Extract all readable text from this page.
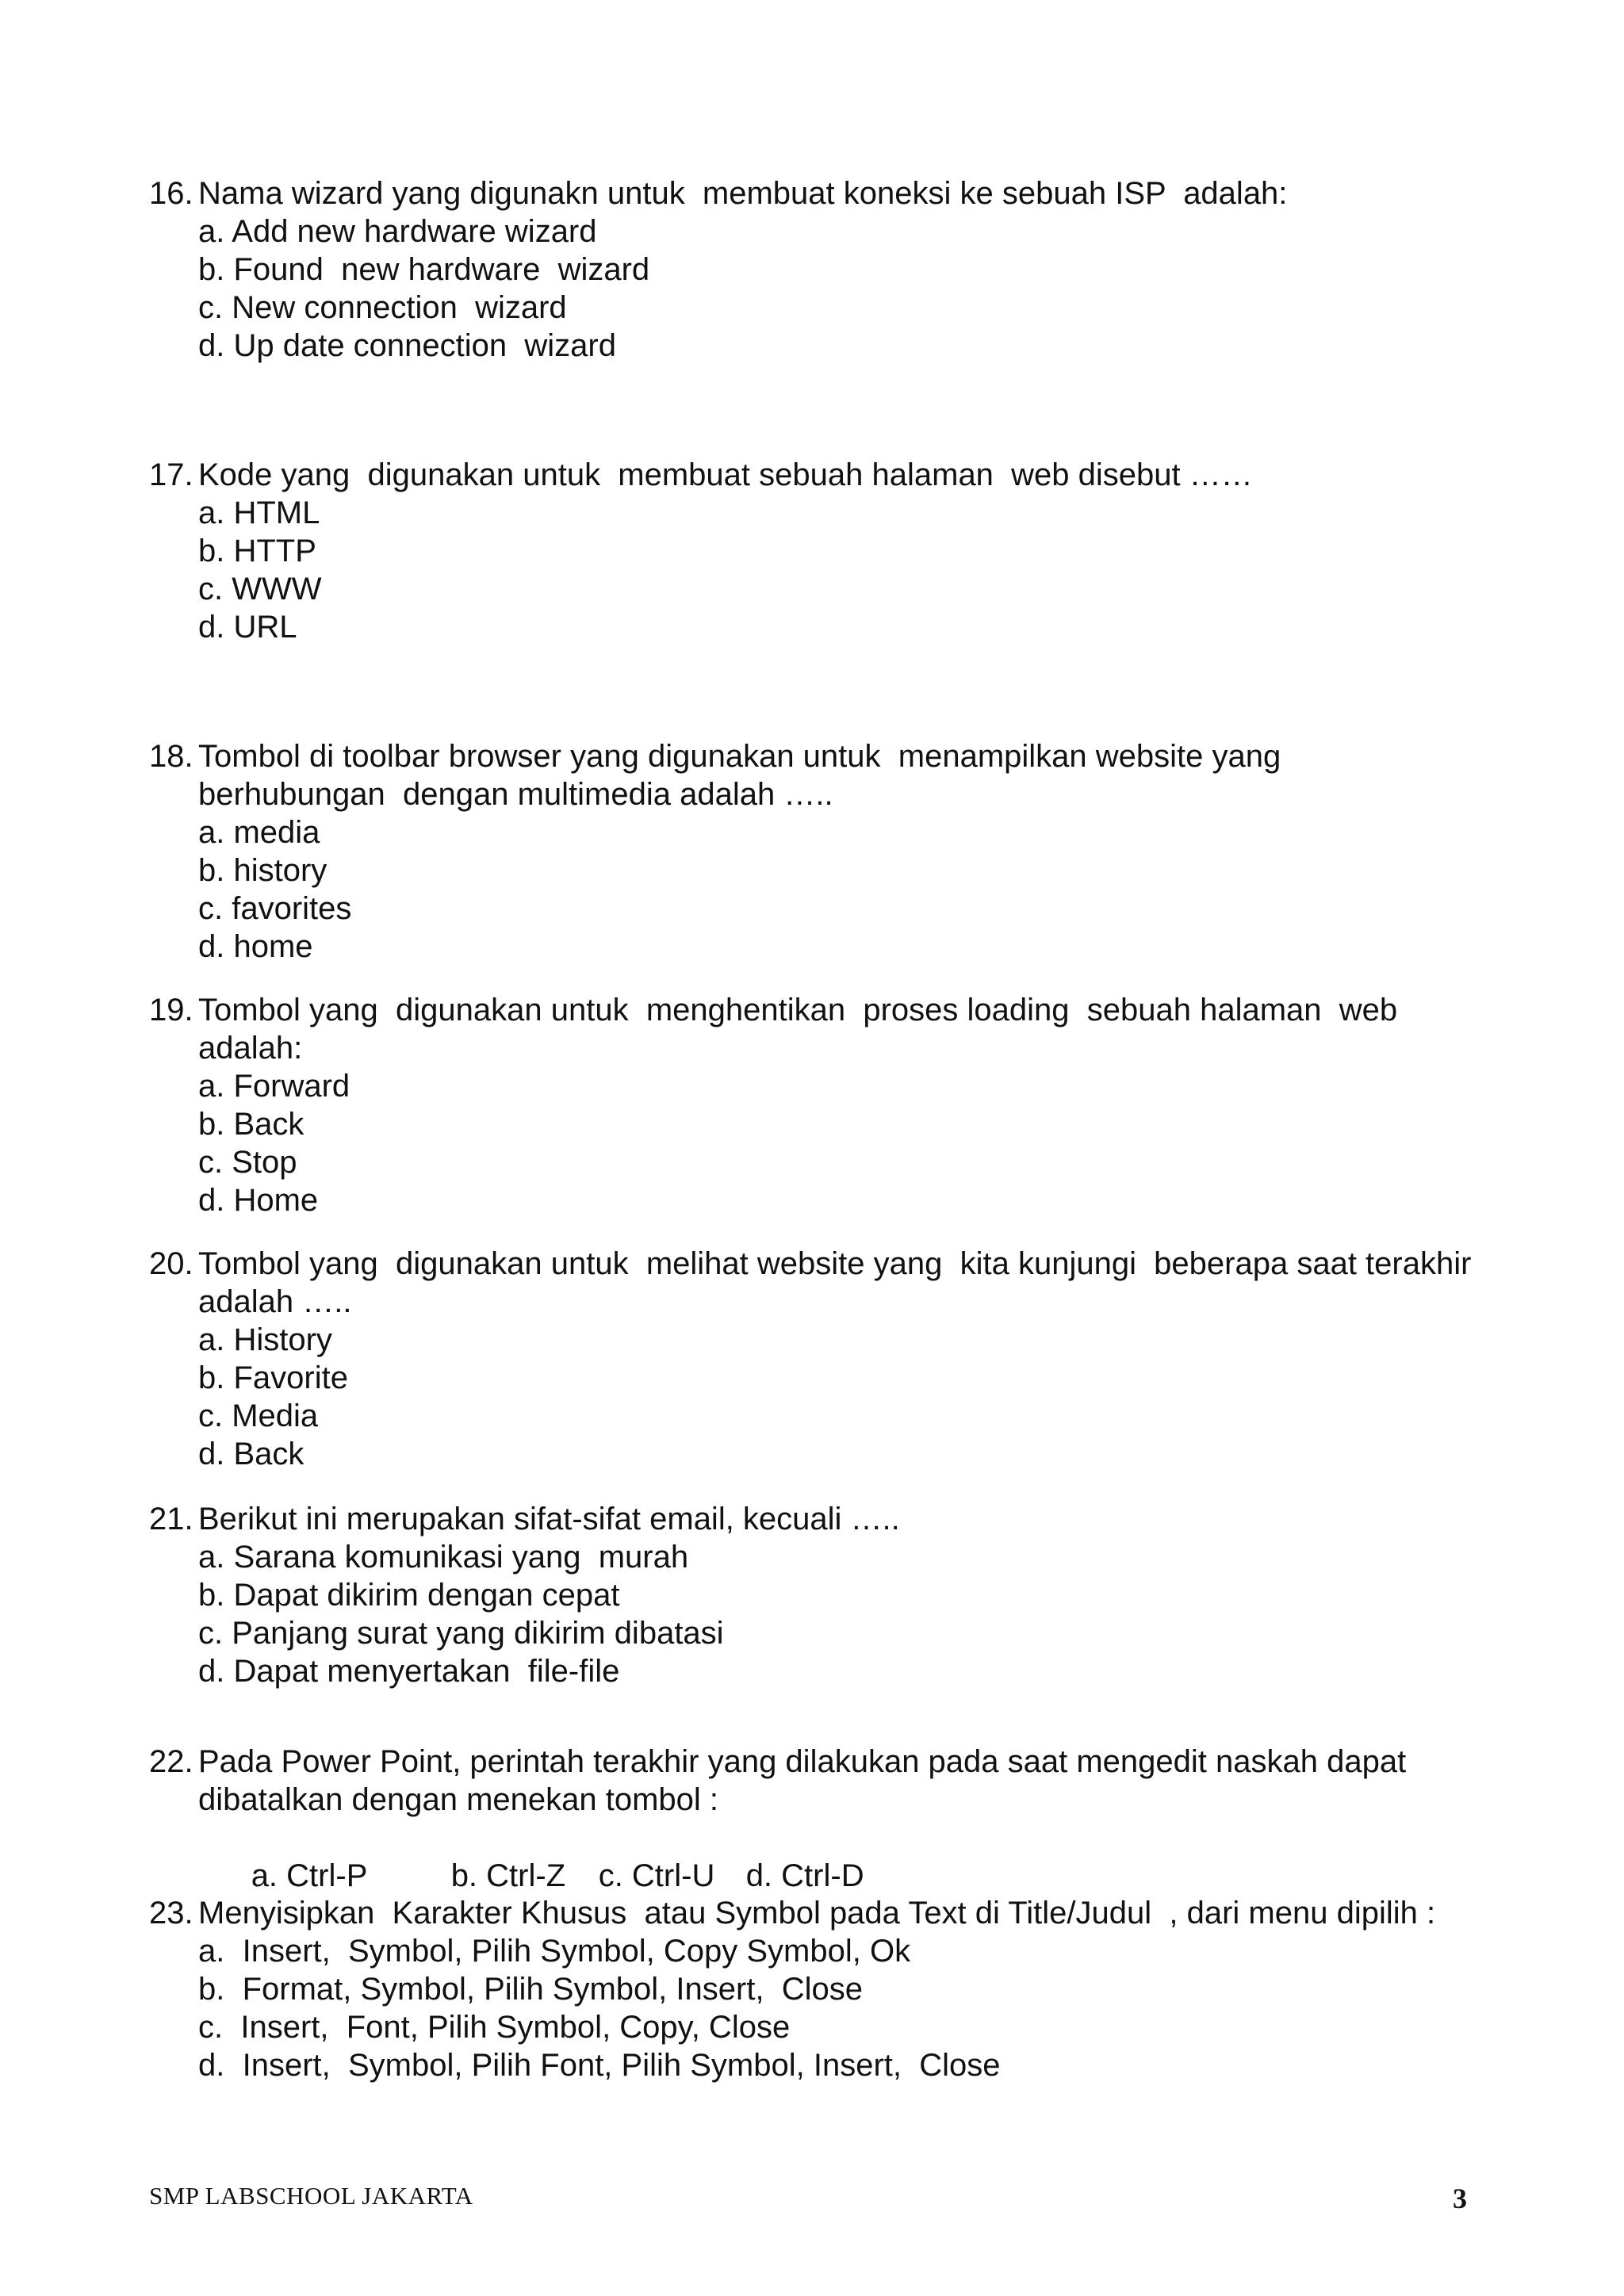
16. Nama wizard yang digunakn untuk  membuat koneksi ke sebuah ISP  adalah:
a. Add new hardware wizard
b. Found  new hardware  wizard
c. New connection  wizard
d. Up date connection  wizard
17. Kode yang  digunakan untuk  membuat sebuah halaman  web disebut ……
a. HTML
b. HTTP
c. WWW
d. URL
18. Tombol di toolbar browser yang digunakan untuk  menampilkan website yang
berhubungan  dengan multimedia adalah …..
a. media
b. history
c. favorites
d. home
19. Tombol yang  digunakan untuk  menghentikan  proses loading  sebuah halaman  web
adalah:
a. Forward
b. Back
c. Stop
d. Home
20. Tombol yang  digunakan untuk  melihat website yang  kita kunjungi  beberapa saat terakhir
adalah …..
a. History
b. Favorite
c. Media
d. Back
21. Berikut ini merupakan sifat-sifat email, kecuali …..
a. Sarana komunikasi yang  murah
b. Dapat dikirim dengan cepat
c. Panjang surat yang dikirim dibatasi
d. Dapat menyertakan  file-file
22. Pada Power Point, perintah terakhir yang dilakukan pada saat mengedit naskah dapat
dibatalkan dengan menekan tombol :

a. Ctrl-P	b. Ctrl-Z c. Ctrl-U d. Ctrl-D

23. Menyisipkan  Karakter Khusus  atau Symbol pada Text di Title/Judul  , dari menu dipilih :
a.  Insert,  Symbol, Pilih Symbol, Copy Symbol, Ok
b.  Format, Symbol, Pilih Symbol, Insert,  Close
c.  Insert,  Font, Pilih Symbol, Copy, Close
d.  Insert,  Symbol, Pilih Font, Pilih Symbol, Insert,  Close
SMP LABSCHOOL JAKARTA	3
